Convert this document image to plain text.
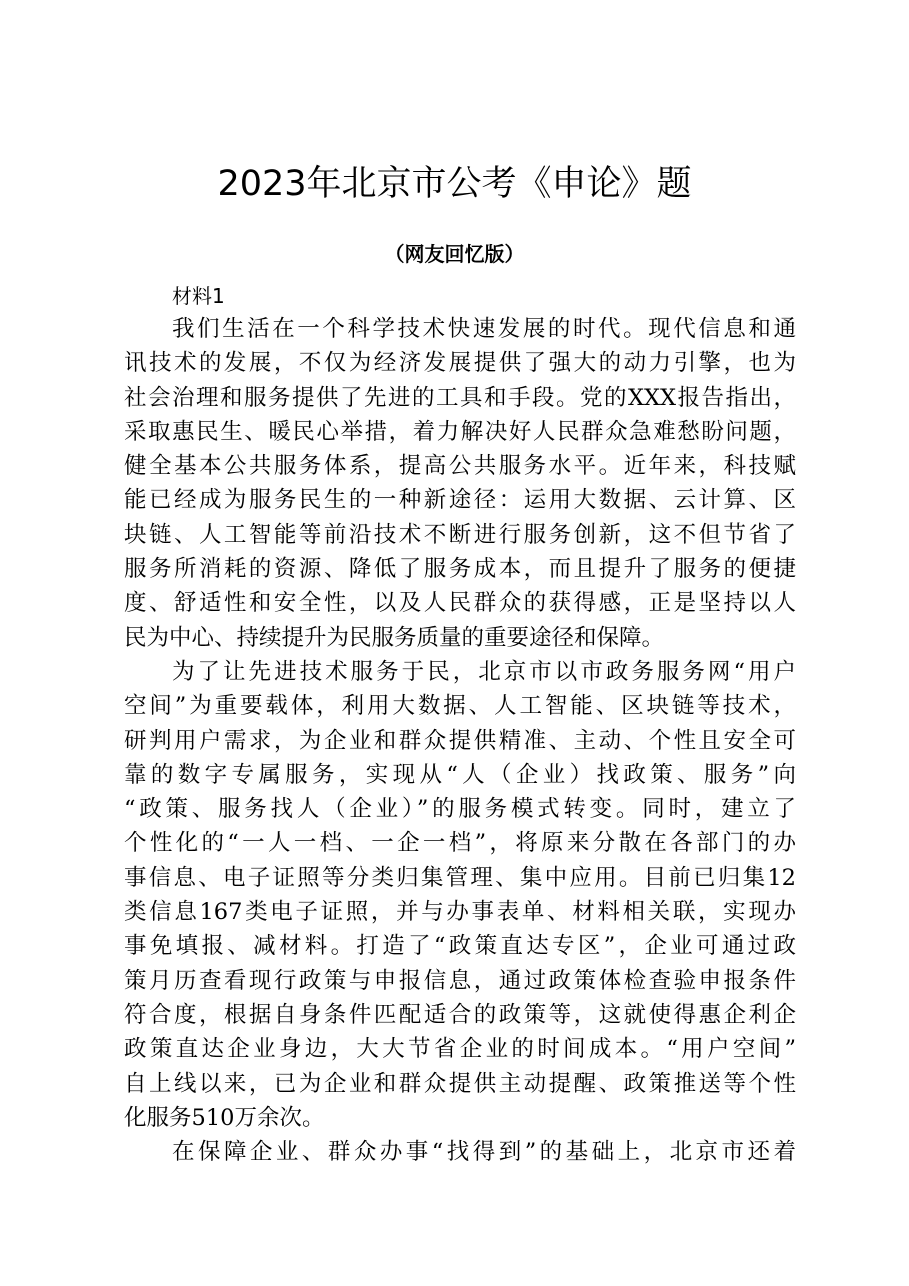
2023年北京市公考《申论》题
（网友回忆版）
材料1
我们生活在一个科学技术快速发展的时代。现代信息和通
讯技术的发展，不仅为经济发展提供了强大的动力引擎，也为
社会治理和服务提供了先进的工具和手段。党的XXX报告指出，
采取惠民生、暖民心举措，着力解决好人民群众急难愁盼问题，
健全基本公共服务体系，提高公共服务水平。近年来，科技赋
能已经成为服务民生的一种新途径：运用大数据、云计算、区
块链、人工智能等前沿技术不断进行服务创新，这不但节省了
服务所消耗的资源、降低了服务成本，而且提升了服务的便捷
度、舒适性和安全性，以及人民群众的获得感，正是坚持以人
民为中心、持续提升为民服务质量的重要途径和保障。
为了让先进技术服务于民，北京市以市政务服务网“用户
空间”为重要载体，利用大数据、人工智能、区块链等技术，
研判用户需求，为企业和群众提供精准、主动、个性且安全可
靠的数字专属服务，实现从“人（企业）找政策、服务”向
“政策、服务找人（企业）”的服务模式转变。同时，建立了
个性化的“一人一档、一企一档”，将原来分散在各部门的办
事信息、电子证照等分类归集管理、集中应用。目前已归集12
类信息167类电子证照，并与办事表单、材料相关联，实现办
事免填报、减材料。打造了“政策直达专区”，企业可通过政
策月历查看现行政策与申报信息，通过政策体检查验申报条件
符合度，根据自身条件匹配适合的政策等，这就使得惠企利企
政策直达企业身边，大大节省企业的时间成本。“用户空间”
自上线以来，已为企业和群众提供主动提醒、政策推送等个性
化服务510万余次。
在保障企业、群众办事“找得到”的基础上，北京市还着
